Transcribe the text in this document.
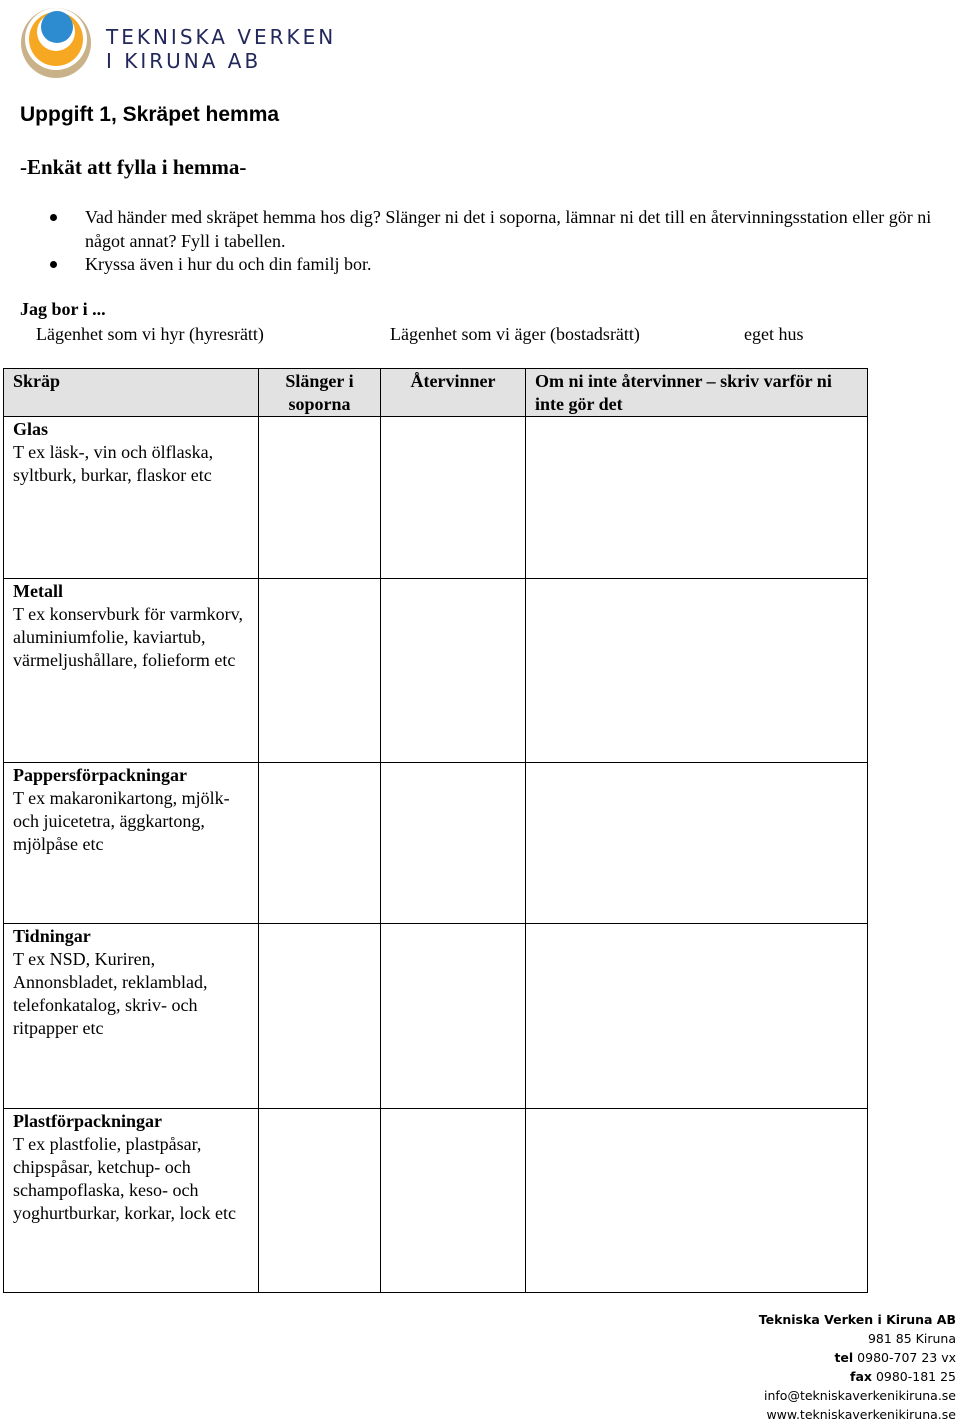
TEKNISKA VERKEN
I KIRUNA AB
Uppgift 1, Skräpet hemma
-Enkät att fylla i hemma-
Vad händer med skräpet hemma hos dig? Slänger ni det i soporna, lämnar ni det till en återvinningsstation eller gör ni något annat? Fyll i tabellen.
Kryssa även i hur du och din familj bor.
Jag bor i ...
Lägenhet som vi hyr (hyresrätt)	Lägenhet som vi äger (bostadsrätt)	eget hus
Skräp	Slänger i soporna	Återvinner	Om ni inte återvinner – skriv varför ni inte gör det

Glas
T ex läsk-, vin och ölflaska, syltburk, burkar, flaskor etc			

Metall
T ex konservburk för varmkorv, aluminiumfolie, kaviartub, värmeljushållare, folieform etc			

Pappersförpackningar
T ex makaronikartong, mjölk- och juicetetra, äggkartong, mjölpåse etc			

Tidningar
T ex NSD, Kuriren, Annonsbladet, reklamblad, telefonkatalog, skriv- och ritpapper etc			

Plastförpackningar
T ex plastfolie, plastpåsar, chipspåsar, ketchup- och schampoflaska, keso- och yoghurtburkar, korkar, lock etc			

Tekniska Verken i Kiruna AB
981 85 Kiruna
tel 0980-707 23 vx
fax 0980-181 25
info@tekniskaverkenikiruna.se
www.tekniskaverkenikiruna.se
